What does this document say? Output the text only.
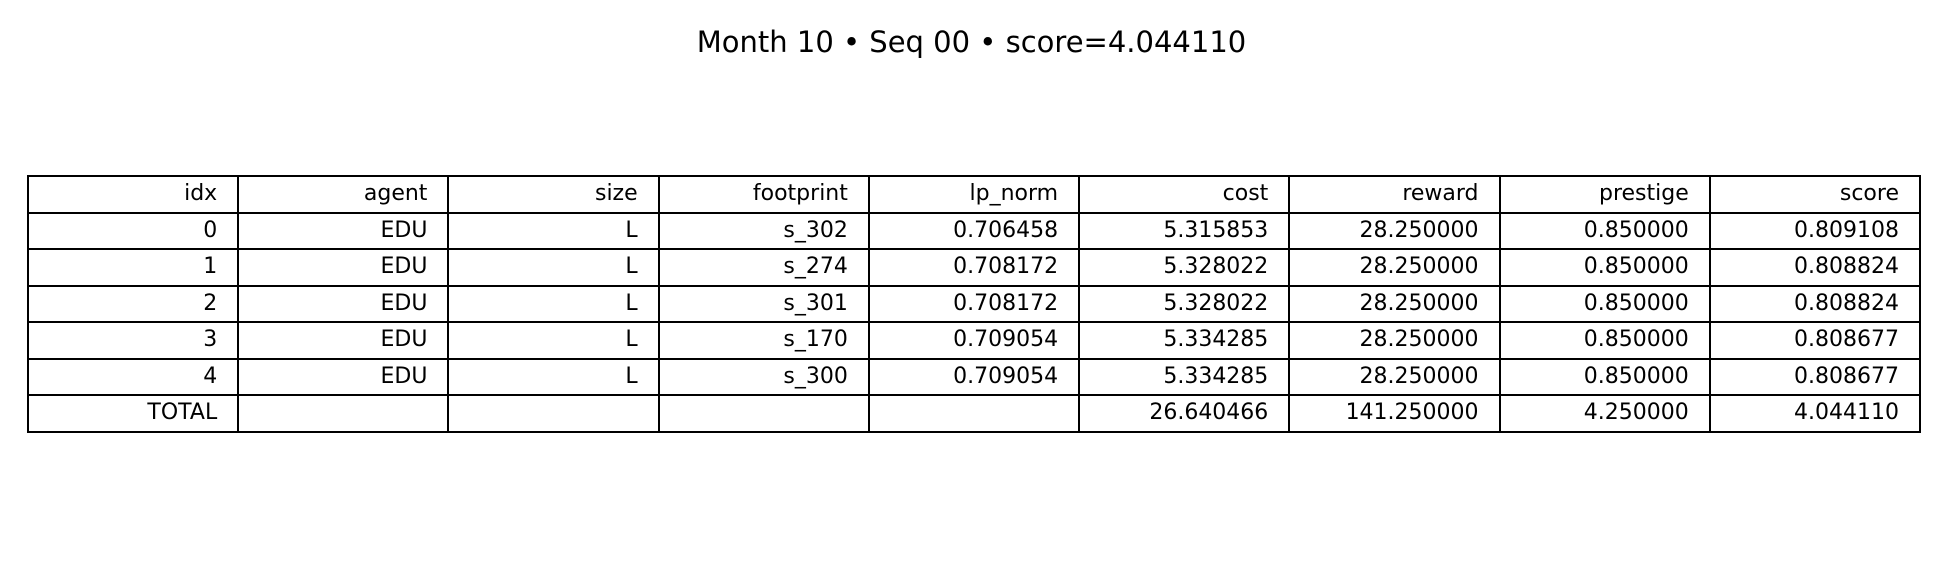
Month 10 • Seq 00 • score=4.044110
idx	agent	size	footprint	lp_norm	cost	reward	prestige	score
0	EDU	L	s_302	0.706458	5.315853	28.250000	0.850000	0.809108
1	EDU	L	s_274	0.708172	5.328022	28.250000	0.850000	0.808824
2	EDU	L	s_301	0.708172	5.328022	28.250000	0.850000	0.808824
3	EDU	L	s_170	0.709054	5.334285	28.250000	0.850000	0.808677
4	EDU	L	s_300	0.709054	5.334285	28.250000	0.850000	0.808677
TOTAL					26.640466	141.250000	4.250000	4.044110
